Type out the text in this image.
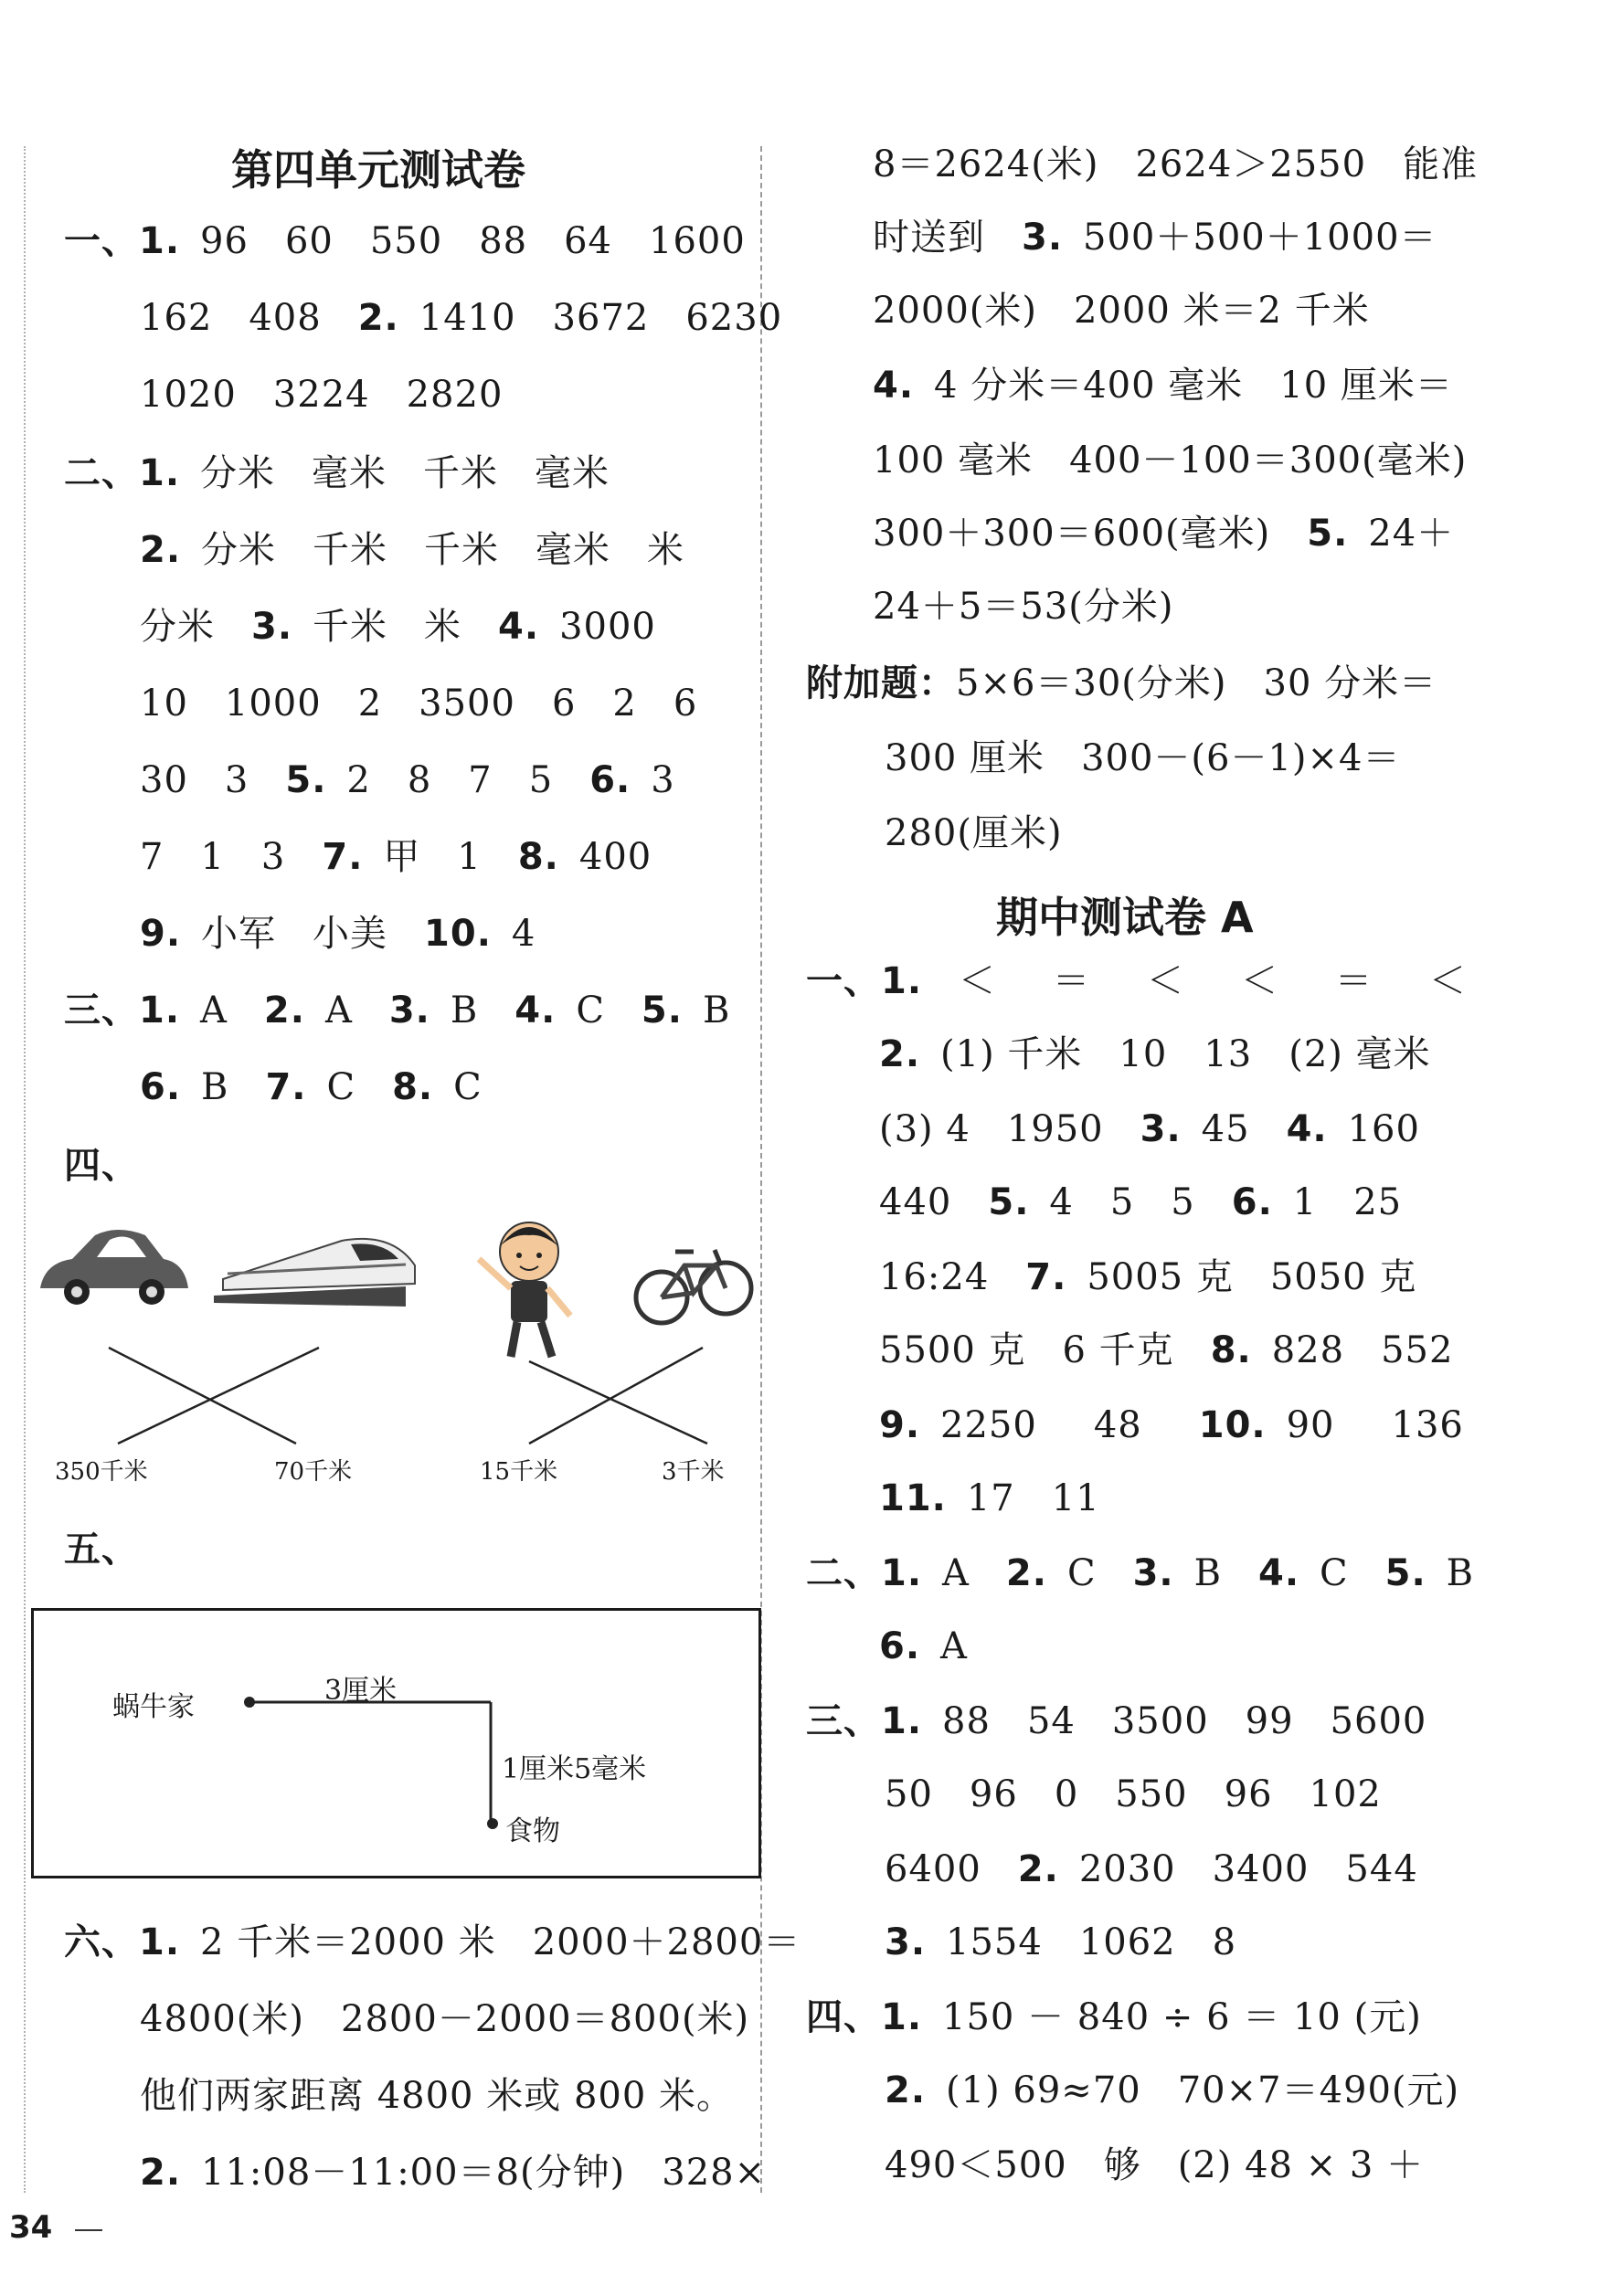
第四单元测试卷
一、1. 96 60 550 88 64 1600
162 408 2. 1410 3672 6230
1020 3224 2820
二、1. 分米 毫米 千米 毫米
2. 分米 千米 千米 毫米 米
分米 3. 千米 米 4. 3000
10 1000 2 3500 6 2 6
30 3 5. 2 8 7 5 6. 3
7 1 3 7. 甲 1 8. 400
9. 小军 小美 10. 4
三、1. A 2. A 3. B 4. C 5. B
6. B 7. C 8. C
四、
350千米	70千米	15千米	3千米
五、
蜗牛家
3厘米
1厘米5毫米
食物
六、1. 2 千米＝2000 米 2000＋2800＝
4800(米) 2800－2000＝800(米)
他们两家距离 4800 米或 800 米。
2. 11:08－11:00＝8(分钟) 328×
34
8＝2624(米) 2624＞2550 能准
时送到 3. 500＋500＋1000＝
2000(米) 2000 米＝2 千米
4. 4 分米＝400 毫米 10 厘米＝
100 毫米 400－100＝300(毫米)
300＋300＝600(毫米) 5. 24＋
24＋5＝53(分米)
附加题：5×6＝30(分米) 30 分米＝
300 厘米 300－(6－1)×4＝
280(厘米)
期中测试卷 A
一、1. ＜ ＝ ＜ ＜ ＝ ＜
2. (1) 千米 10 13 (2) 毫米
(3) 4 1950 3. 45 4. 160
440 5. 4 5 5 6. 1 25
16:24 7. 5005 克 5050 克
5500 克 6 千克 8. 828 552
9. 2250 48 10. 90 136
11. 17 11
二、1. A 2. C 3. B 4. C 5. B
6. A
三、1. 88 54 3500 99 5600
50 96 0 550 96 102
6400 2. 2030 3400 544
3. 1554 1062 8
四、1. 150 － 840 ÷ 6 ＝ 10 (元)
2. (1) 69≈70 70×7＝490(元)
490＜500 够 (2) 48 × 3 ＋
